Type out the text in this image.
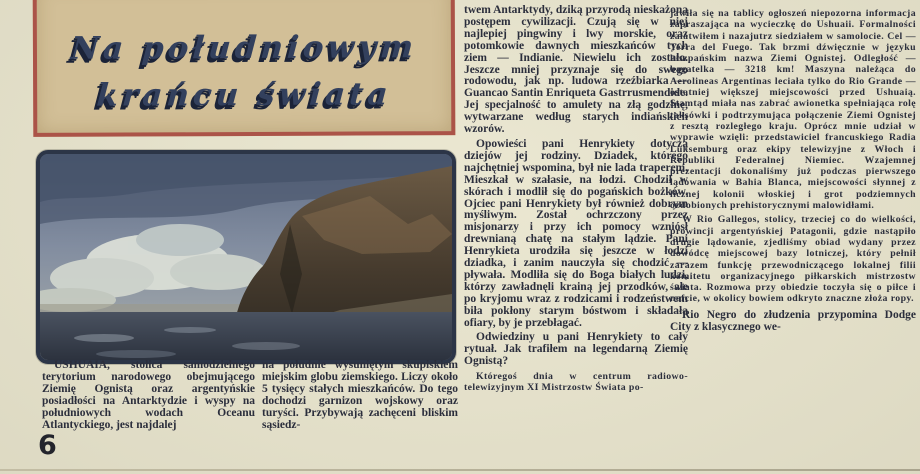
Na południowym

krańcu świata

USHUAIA, stolica samodzielnego terytorium narodowego obejmującego Ziemię Ognistą oraz argentyńskie posiadłości na Antarktydzie i wyspy na południowych wodach Oceanu Atlantyckiego, jest najdalej

na południe wysuniętym skupiskiem miejskim globu ziemskiego. Liczy około 5 tysięcy stałych mieszkańców. Do tego dochodzi garnizon wojskowy oraz turyści. Przybywają zachęceni bliskim sąsiedz-

twem Antarktydy, dziką przyrodą nieskażoną postępem cywilizacji. Czują się w niej najlepiej pingwiny i lwy morskie, oraz potomkowie dawnych mieszkańców tych ziem — Indianie. Niewielu ich zostało. Jeszcze mniej przyznaje się do swego rodowodu, jak np. ludowa rzeźbiarka — Guancao Santin Enriqueta Gastrrusmendide. Jej specjalność to amulety na złą godzinę, wytwarzane według starych indiańskich wzorów.

Opowieści pani Henrykiety dotyczą dziejów jej rodziny. Dziadek, którego najchętniej wspomina, był nie lada traperem. Mieszkał w szałasie, na łodzi. Chodził w skórach i modlił się do pogańskich bożków. Ojciec pani Henrykiety był również dobrym myśliwym. Został ochrzczony przez misjonarzy i przy ich pomocy wzniósł drewnianą chatę na stałym lądzie. Pani Henrykieta urodziła się jeszcze w łodzi dziadka, i zanim nauczyła się chodzić — pływała. Modliła się do Boga białych ludzi, którzy zawładnęli krainą jej przodków, ale po kryjomu wraz z rodzicami i rodzeństwem biła pokłony starym bóstwom i składała ofiary, by je przebłagać.

Odwiedziny u pani Henrykiety to cały rytuał. Jak trafiłem na legendarną Ziemię Ognistą?

Któregoś dnia w centrum radiowo-telewizyjnym XI Mistrzostw Świata po-

jawiła się na tablicy ogłoszeń niepozorna informacja zapraszająca na wycieczkę do Ushuaii. Formalności załatwiłem i nazajutrz siedziałem w samolocie. Cel — Terra del Fuego. Tak brzmi dźwięcznie w języku hiszpańskim nazwa Ziemi Ognistej. Odległość — bagatelka — 3218 km! Maszyna należąca do Aerolineas Argentinas leciała tylko do Rio Grande — ostatniej większej miejscowości przed Ushuaią. Stamtąd miała nas zabrać awionetka spełniająca rolę taksówki i podtrzymująca połączenie Ziemi Ognistej z resztą rozległego kraju. Oprócz mnie udział w wyprawie wzięli: przedstawiciel francuskiego Radia Luksemburg oraz ekipy telewizyjne z Włoch i Republiki Federalnej Niemiec. Wzajemnej prezentacji dokonaliśmy już podczas pierwszego lądowania w Bahia Blanca, miejscowości słynnej z licznej kolonii włoskiej i grot podziemnych ozdobionych prehistorycznymi malowidłami.

W Rio Gallegos, stolicy, trzeciej co do wielkości, prowincji argentyńskiej Patagonii, gdzie nastąpiło drugie lądowanie, zjedliśmy obiad wydany przez dowódcę miejscowej bazy lotniczej, który pełnił zarazem funkcję przewodniczącego lokalnej filii komitetu organizacyjnego piłkarskich mistrzostw świata. Rozmowa przy obiedzie toczyła się o piłce i nafcie, w okolicy bowiem odkryto znaczne złoża ropy.

Rio Negro do złudzenia przypomina Dodge City z klasycznego we-

6
